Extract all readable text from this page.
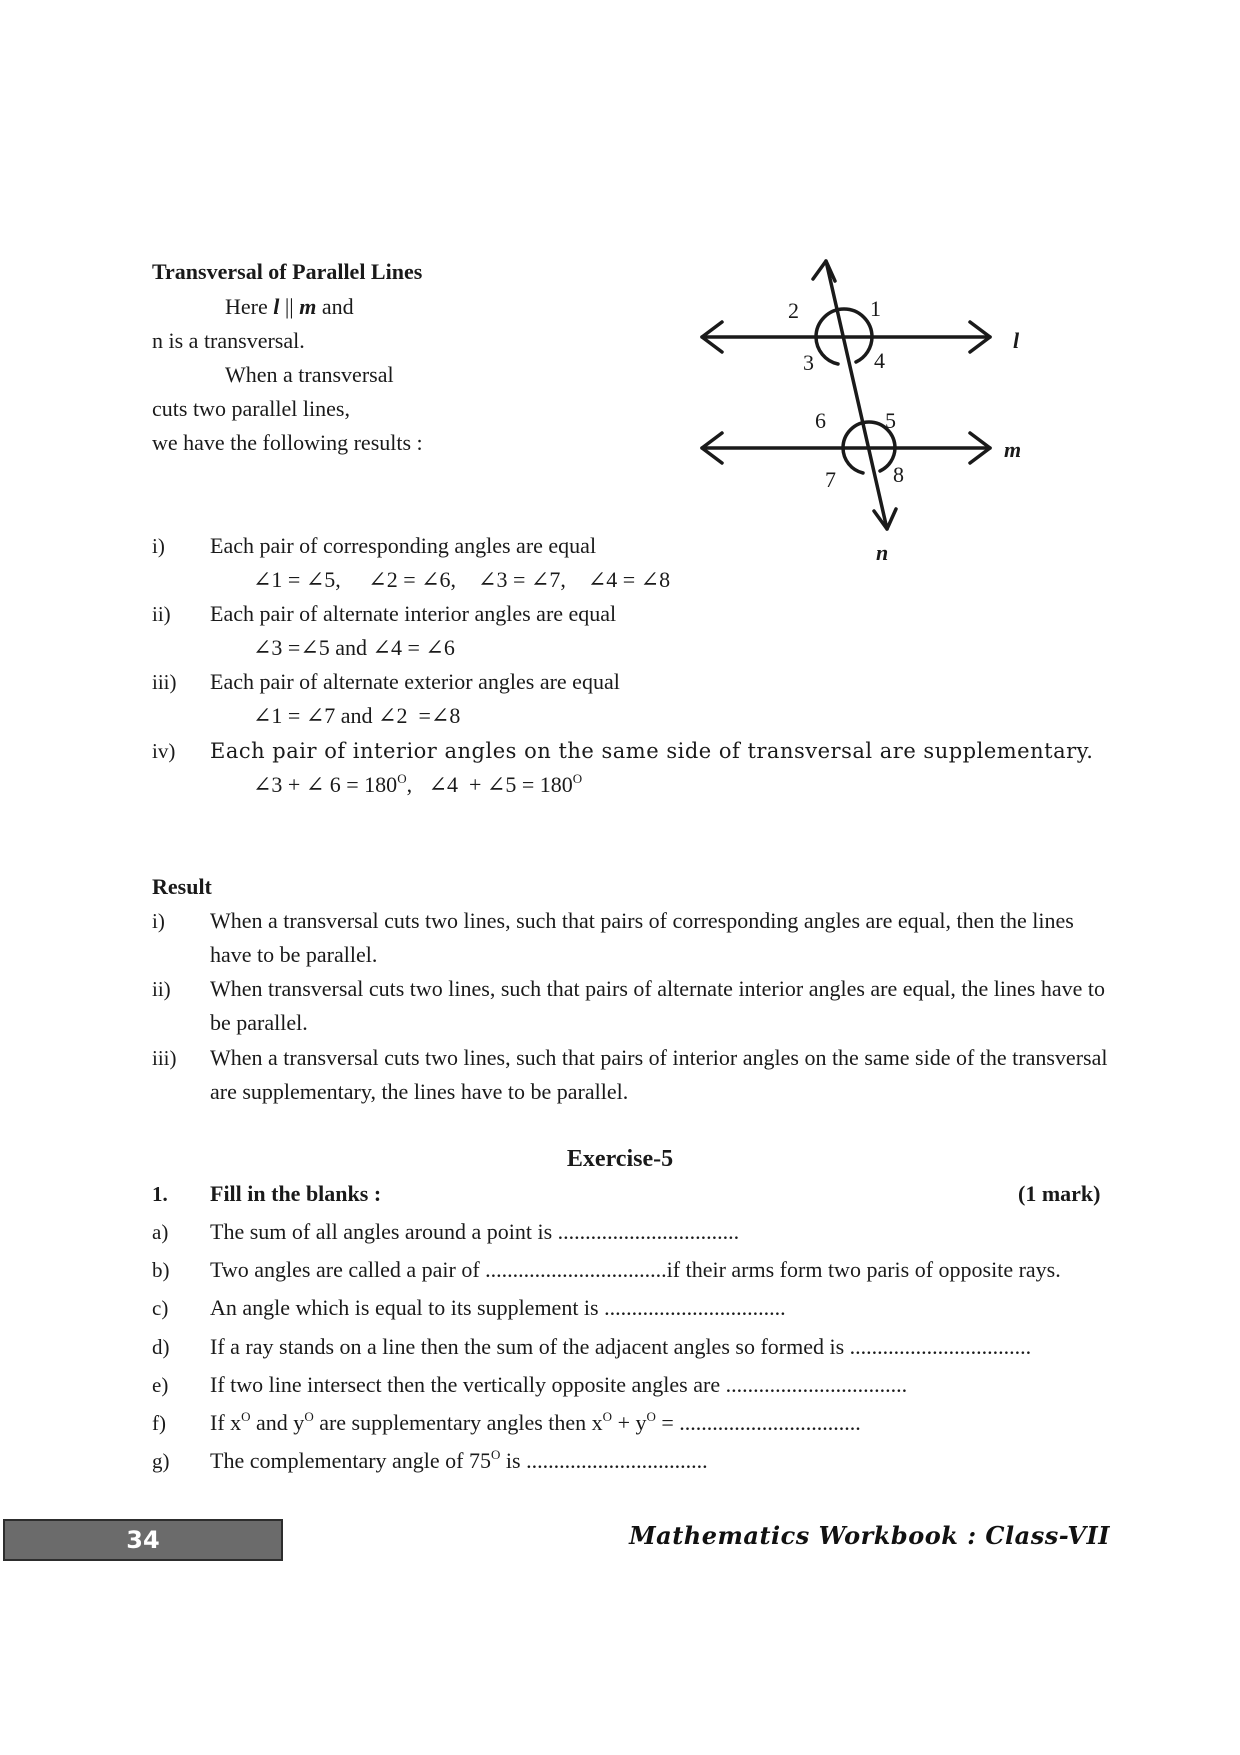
Transversal of Parallel Lines
Here l || m and
n is a transversal.
When a transversal
cuts two parallel lines,
we have the following results :
1
2
3	4
5
6
7	8
l
m
n
i) Each pair of corresponding angles are equal
∠1 = ∠5,     ∠2 = ∠6,    ∠3 = ∠7,    ∠4 = ∠8
ii) Each pair of alternate interior angles are equal
∠3 =∠5 and ∠4 = ∠6
iii) Each pair of alternate exterior angles are equal
∠1 = ∠7 and ∠2  =∠8
iv) Each pair of interior angles on the same side of transversal are supplementary.
∠3 + ∠ $6 = 180^O$,   ∠4  + ∠5 = $180^O$
Result
i) When a transversal cuts two lines, such that pairs of corresponding angles are equal, then the lines
have to be parallel.
ii) When transversal cuts two lines, such that pairs of alternate interior angles are equal, the lines have to
be parallel.
iii) When a transversal cuts two lines, such that pairs of interior angles on the same side of the transversal
are supplementary, the lines have to be parallel.
Exercise-5
1. Fill in the blanks :	(1 mark)
a) The sum of all angles around a point is .................................
b) Two angles are called a pair of .................................if their arms form two paris of opposite rays.
c) An angle which is equal to its supplement is .................................
d) If a ray stands on a line then the sum of the adjacent angles so formed is .................................
e) If two line intersect then the vertically opposite angles are .................................
f) If $x^O$ and $y^O$ are supplementary angles then $x^O + y^O$ = .................................
g) The complementary angle of $75^O$ is .................................
34	Mathematics Workbook : Class-VII
